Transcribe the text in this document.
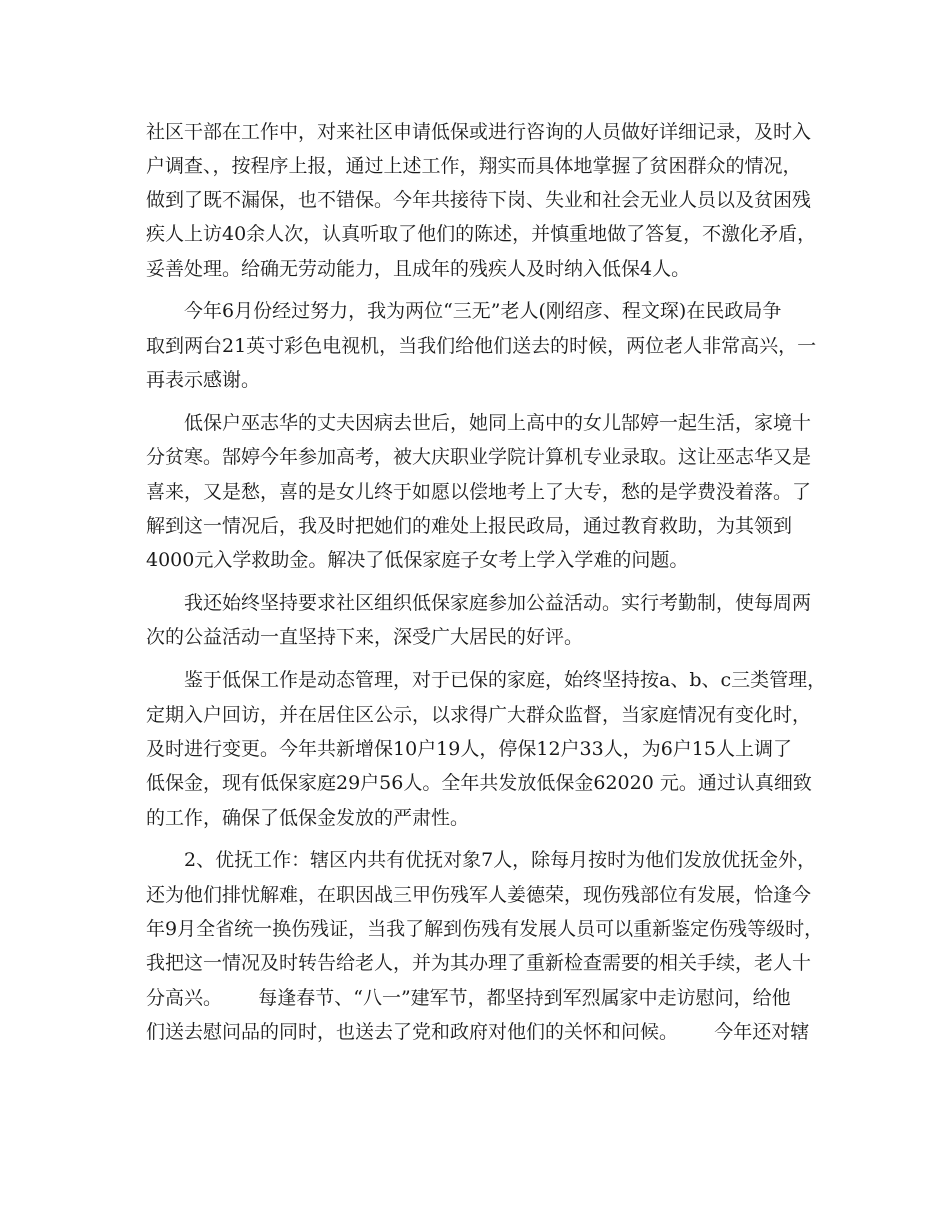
社区干部在工作中，对来社区申请低保或进行咨询的人员做好详细记录，及时入
户调查、，按程序上报，通过上述工作，翔实而具体地掌握了贫困群众的情况，
做到了既不漏保，也不错保。今年共接待下岗、失业和社会无业人员以及贫困残
疾人上访40余人次，认真听取了他们的陈述，并慎重地做了答复，不激化矛盾，
妥善处理。给确无劳动能力，且成年的残疾人及时纳入低保4人。
今年6月份经过努力，我为两位“三无”老人(刚绍彦、程文琛)在民政局争
取到两台21英寸彩色电视机，当我们给他们送去的时候，两位老人非常高兴，一
再表示感谢。
低保户巫志华的丈夫因病去世后，她同上高中的女儿郜婷一起生活，家境十
分贫寒。郜婷今年参加高考，被大庆职业学院计算机专业录取。这让巫志华又是
喜来，又是愁，喜的是女儿终于如愿以偿地考上了大专，愁的是学费没着落。了
解到这一情况后，我及时把她们的难处上报民政局，通过教育救助，为其领到
4000元入学救助金。解决了低保家庭子女考上学入学难的问题。
我还始终坚持要求社区组织低保家庭参加公益活动。实行考勤制，使每周两
次的公益活动一直坚持下来，深受广大居民的好评。
鉴于低保工作是动态管理，对于已保的家庭，始终坚持按a、b、c三类管理，
定期入户回访，并在居住区公示，以求得广大群众监督，当家庭情况有变化时，
及时进行变更。今年共新增保10户19人，停保12户33人，为6户15人上调了
低保金，现有低保家庭29户56人。全年共发放低保金62020 元。通过认真细致
的工作，确保了低保金发放的严肃性。
2、优抚工作：辖区内共有优抚对象7人，除每月按时为他们发放优抚金外，
还为他们排忧解难，在职因战三甲伤残军人姜德荣，现伤残部位有发展，恰逢今
年9月全省统一换伤残证，当我了解到伤残有发展人员可以重新鉴定伤残等级时，
我把这一情况及时转告给老人，并为其办理了重新检查需要的相关手续，老人十
分高兴。      每逢春节、“八一”建军节，都坚持到军烈属家中走访慰问，给他
们送去慰问品的同时，也送去了党和政府对他们的关怀和问候。      今年还对辖
